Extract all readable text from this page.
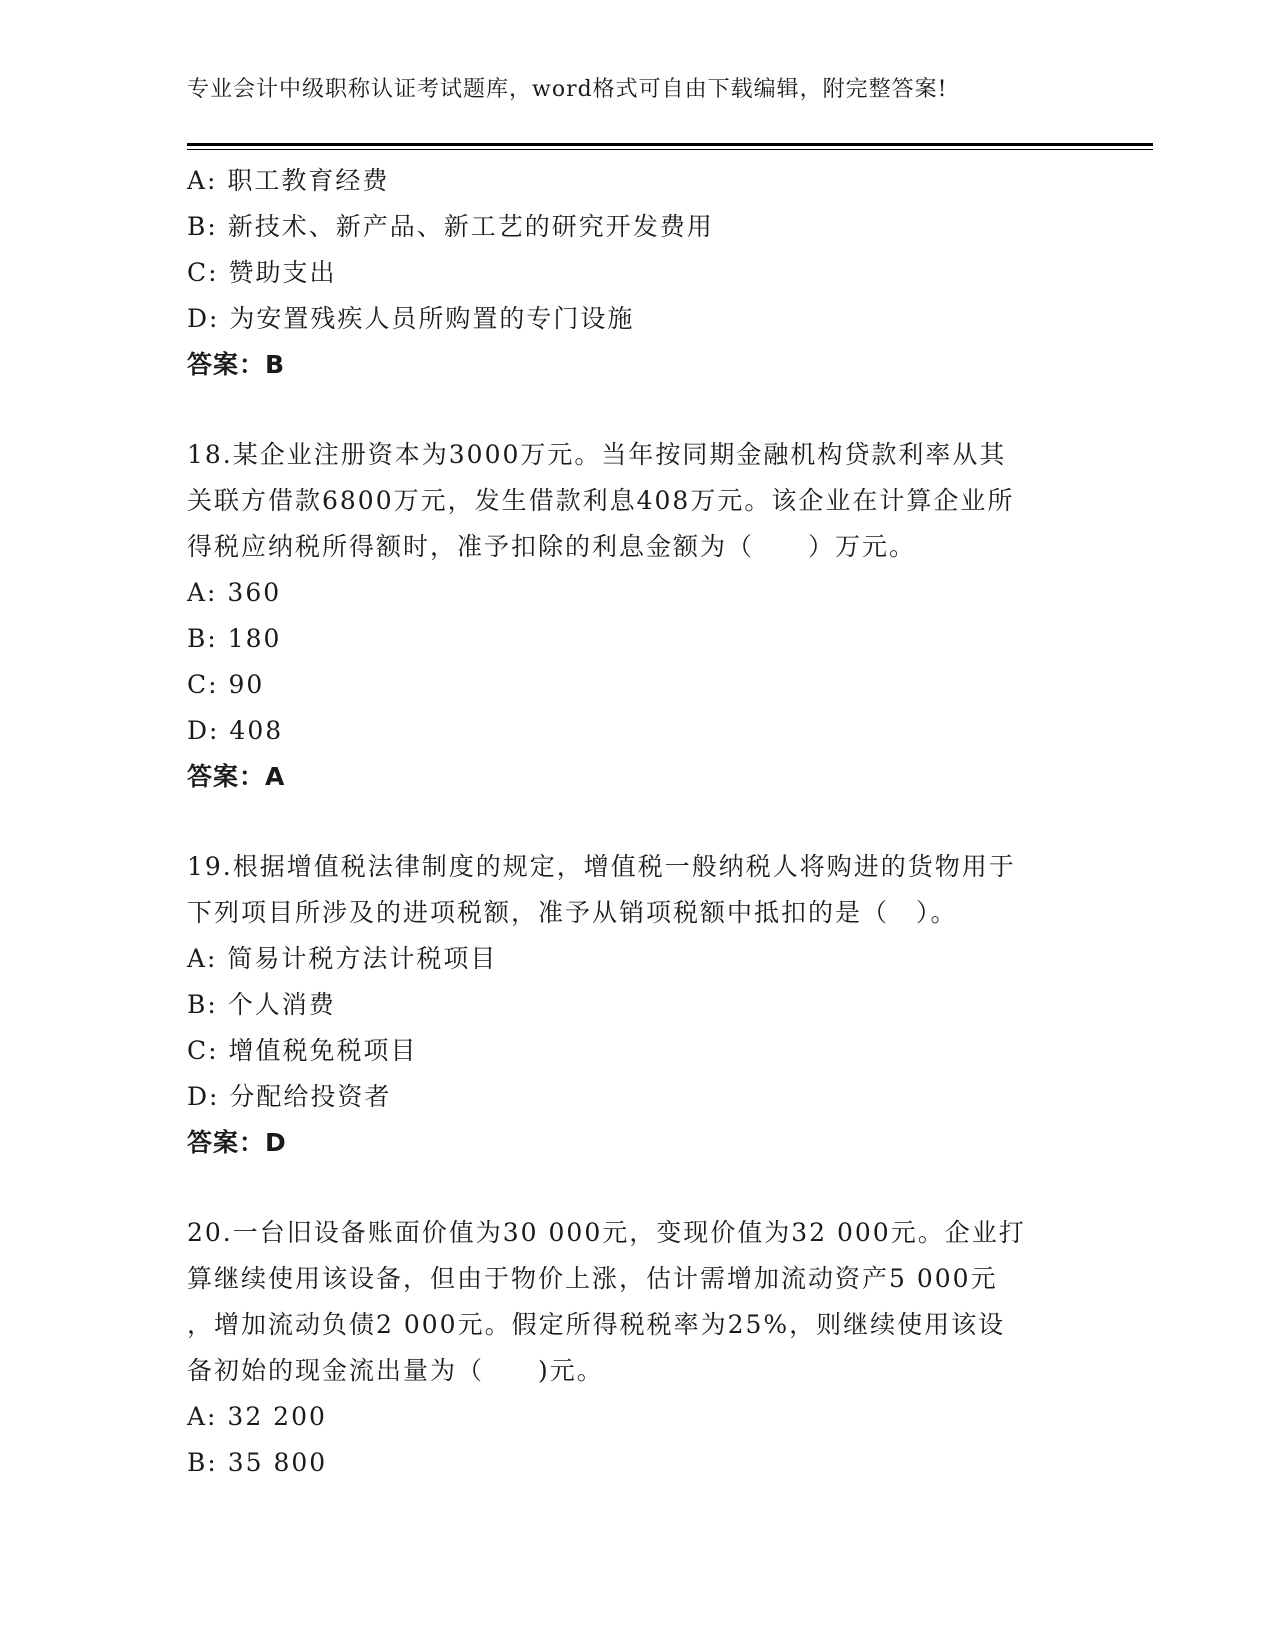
专业会计中级职称认证考试题库，word格式可自由下载编辑，附完整答案!
A: 职工教育经费
B: 新技术、新产品、新工艺的研究开发费用
C: 赞助支出
D: 为安置残疾人员所购置的专门设施
答案：B
18.某企业注册资本为3000万元。当年按同期金融机构贷款利率从其
关联方借款6800万元，发生借款利息408万元。该企业在计算企业所
得税应纳税所得额时，准予扣除的利息金额为（　　）万元。
A: 360
B: 180
C: 90
D: 408
答案：A
19.根据增值税法律制度的规定，增值税一般纳税人将购进的货物用于
下列项目所涉及的进项税额，准予从销项税额中抵扣的是（　）。
A: 简易计税方法计税项目
B: 个人消费
C: 增值税免税项目
D: 分配给投资者
答案：D
20.一台旧设备账面价值为30 000元，变现价值为32 000元。企业打
算继续使用该设备，但由于物价上涨，估计需增加流动资产5 000元
，增加流动负债2 000元。假定所得税税率为25%，则继续使用该设
备初始的现金流出量为（　　)元。
A: 32 200
B: 35 800
